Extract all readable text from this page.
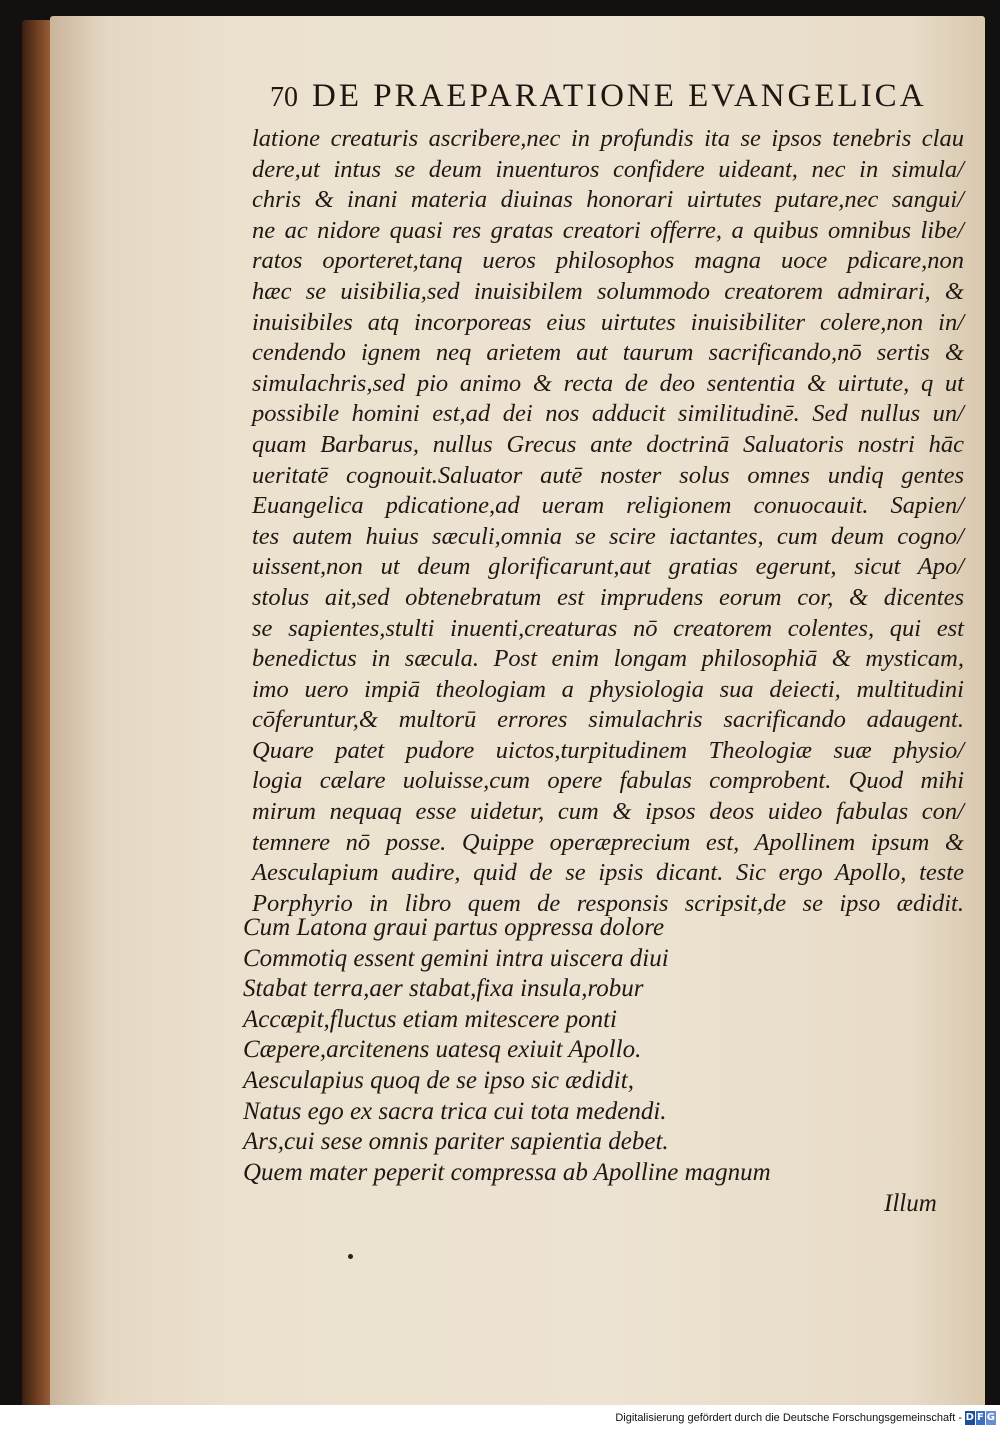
70 DE PRAEPARATIONE EVANGELICA
latione creaturis ascribere,nec in profundis ita se ipsos tenebris clau
dere,ut intus se deum inuenturos confidere uideant, nec in simula/
chris & inani materia diuinas honorari uirtutes putare,nec sangui/
ne ac nidore quasi res gratas creatori offerre, a quibus omnibus libe/
ratos oporteret,tanq ueros philosophos magna uoce pdicare,non
hæc se uisibilia,sed inuisibilem solummodo creatorem admirari, &
inuisibiles atq incorporeas eius uirtutes inuisibiliter colere,non in/
cendendo ignem neq arietem aut taurum sacrificando,nō sertis &
simulachris,sed pio animo & recta de deo sententia & uirtute, q ut
possibile homini est,ad dei nos adducit similitudinē. Sed nullus un/
quam Barbarus, nullus Grecus ante doctrinā Saluatoris nostri hāc
ueritatē cognouit.Saluator autē noster solus omnes undiq gentes
Euangelica pdicatione,ad ueram religionem conuocauit. Sapien/
tes autem huius sæculi,omnia se scire iactantes, cum deum cogno/
uissent,non ut deum glorificarunt,aut gratias egerunt, sicut Apo/
stolus ait,sed obtenebratum est imprudens eorum cor, & dicentes
se sapientes,stulti inuenti,creaturas nō creatorem colentes, qui est
benedictus in sæcula. Post enim longam philosophiā & mysticam,
imo uero impiā theologiam a physiologia sua deiecti, multitudini
cōferuntur,& multorū errores simulachris sacrificando adaugent.
Quare patet pudore uictos,turpitudinem Theologiæ suæ physio/
logia cælare uoluisse,cum opere fabulas comprobent. Quod mihi
mirum nequaq esse uidetur, cum & ipsos deos uideo fabulas con/
temnere nō posse. Quippe operæprecium est, Apollinem ipsum &
Aesculapium audire, quid de se ipsis dicant. Sic ergo Apollo, teste
Porphyrio in libro quem de responsis scripsit,de se ipso ædidit.
Cum Latona graui partus oppressa dolore
Commotiq essent gemini intra uiscera diui
Stabat terra,aer stabat,fixa insula,robur
Accæpit,fluctus etiam mitescere ponti
Cæpere,arcitenens uatesq exiuit Apollo.
Aesculapius quoq de se ipso sic ædidit,
Natus ego ex sacra trica cui tota medendi.
Ars,cui sese omnis pariter sapientia debet.
Quem mater peperit compressa ab Apolline magnum
Illum
Digitalisierung gefördert durch die Deutsche Forschungsgemeinschaft - D F G
